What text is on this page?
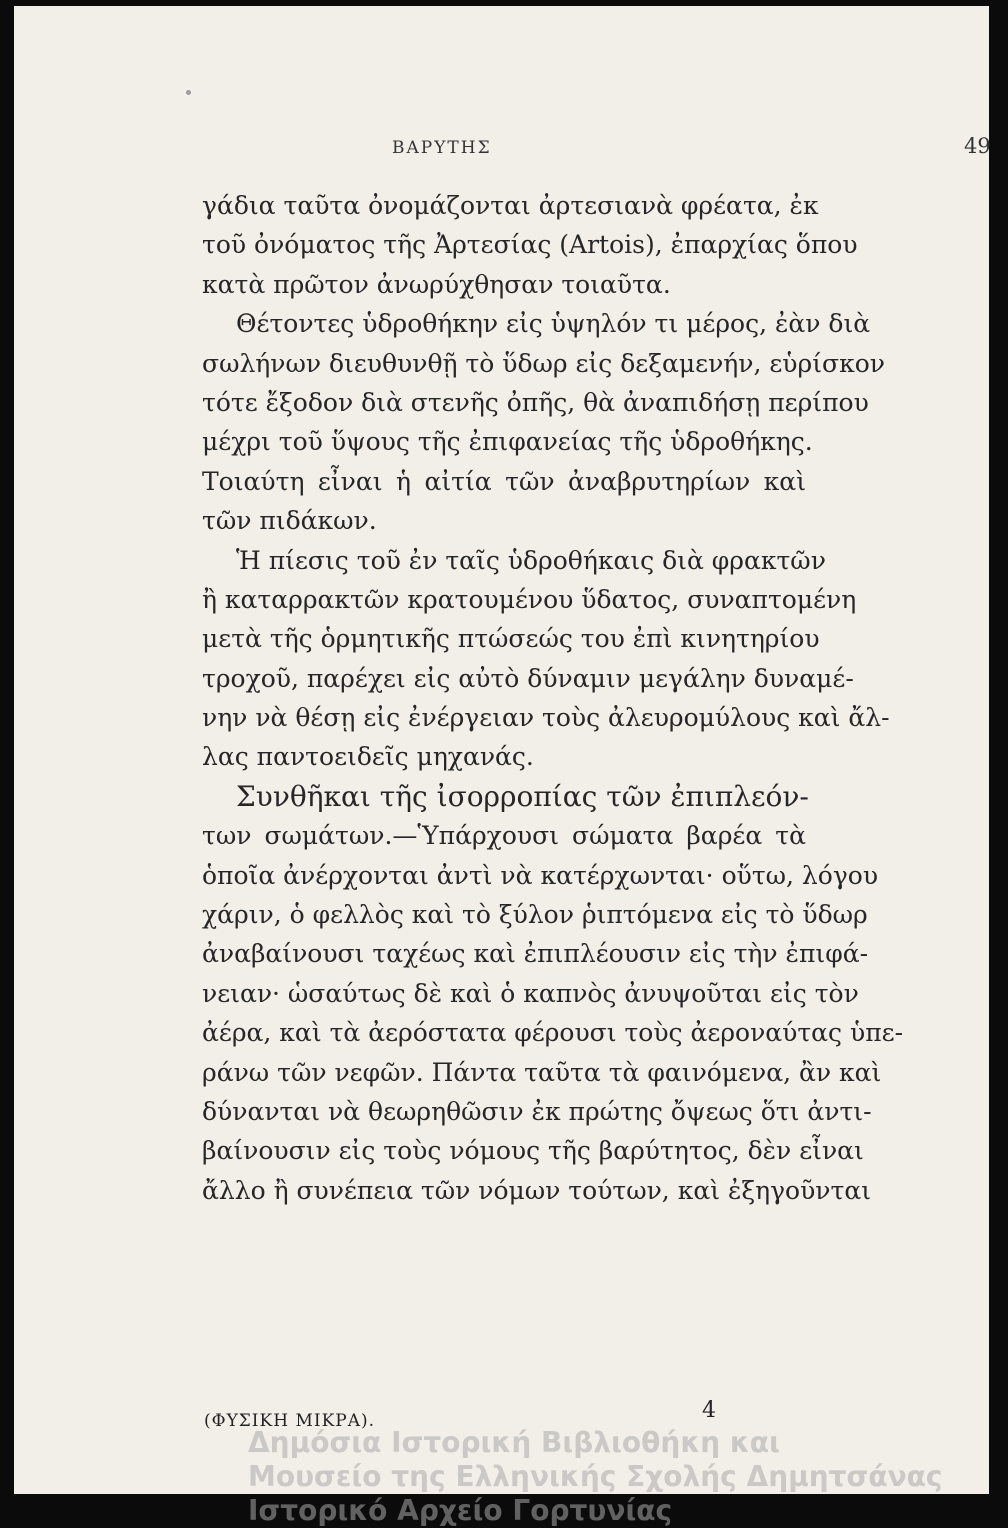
ΒΑΡΥΤΗΣ	49
γάδια ταῦτα ὀνομάζονται ἀρτεσιανὰ φρέατα, ἐκ
τοῦ ὀνόματος τῆς Ἀρτεσίας (Artois), ἐπαρχίας ὅπου
κατὰ πρῶτον ἀνωρύχθησαν τοιαῦτα.
Θέτοντες ὑδροθήκην εἰς ὑψηλόν τι μέρος, ἐὰν διὰ
σωλήνων διευθυνθῇ τὸ ὕδωρ εἰς δεξαμενήν, εὑρίσκον
τότε ἔξοδον διὰ στενῆς ὀπῆς, θὰ ἀναπιδήσῃ περίπου
μέχρι τοῦ ὕψους τῆς ἐπιφανείας τῆς ὑδροθήκης.
Τοιαύτη εἶναι ἡ αἰτία τῶν ἀναβρυτηρίων καὶ
τῶν πιδάκων.
Ἡ πίεσις τοῦ ἐν ταῖς ὑδροθήκαις διὰ φρακτῶν
ἢ καταρρακτῶν κρατουμένου ὕδατος, συναπτομένη
μετὰ τῆς ὁρμητικῆς πτώσεώς του ἐπὶ κινητηρίου
τροχοῦ, παρέχει εἰς αὐτὸ δύναμιν μεγάλην δυναμέ-
νην νὰ θέσῃ εἰς ἐνέργειαν τοὺς ἀλευρομύλους καὶ ἄλ-
λας παντοειδεῖς μηχανάς.
Συνθῆκαι τῆς ἰσορροπίας τῶν ἐπιπλεόν-
των σωμάτων.—Ὑπάρχουσι σώματα βαρέα τὰ
ὁποῖα ἀνέρχονται ἀντὶ νὰ κατέρχωνται· οὕτω, λόγου
χάριν, ὁ φελλὸς καὶ τὸ ξύλον ῥιπτόμενα εἰς τὸ ὕδωρ
ἀναβαίνουσι ταχέως καὶ ἐπιπλέουσιν εἰς τὴν ἐπιφά-
νειαν· ὡσαύτως δὲ καὶ ὁ καπνὸς ἀνυψοῦται εἰς τὸν
ἀέρα, καὶ τὰ ἀερόστατα φέρουσι τοὺς ἀεροναύτας ὑπε-
ράνω τῶν νεφῶν. Πάντα ταῦτα τὰ φαινόμενα, ἂν καὶ
δύνανται νὰ θεωρηθῶσιν ἐκ πρώτης ὄψεως ὅτι ἀντι-
βαίνουσιν εἰς τοὺς νόμους τῆς βαρύτητος, δὲν εἶναι
ἄλλο ἢ συνέπεια τῶν νόμων τούτων, καὶ ἐξηγοῦνται
(ΦΥΣΙΚΗ ΜΙΚΡΑ).	4
Δημόσια Ιστορική Βιβλιοθήκη και
Μουσείο της Ελληνικής Σχολής Δημητσάνας
Ιστορικό Αρχείο Γορτυνίας
